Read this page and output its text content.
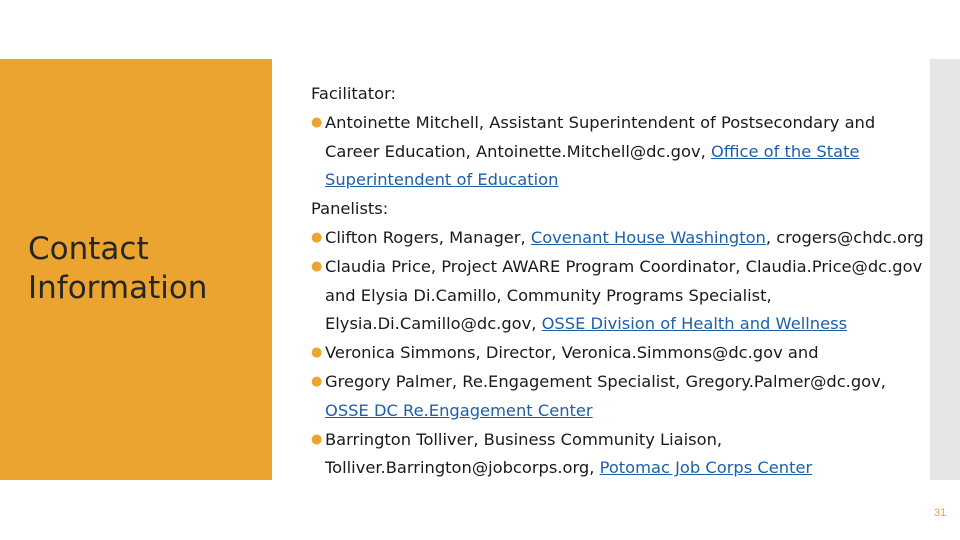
Contact
Information

Facilitator:

● Antoinette Mitchell, Assistant Superintendent of Postsecondary and
Career Education, Antoinette.Mitchell@dc.gov, Office of the State
Superintendent of Education

Panelists:

● Clifton Rogers, Manager, Covenant House Washington, crogers@chdc.org
● Claudia Price, Project AWARE Program Coordinator, Claudia.Price@dc.gov
and Elysia Di.Camillo, Community Programs Specialist,
Elysia.Di.Camillo@dc.gov, OSSE Division of Health and Wellness
● Veronica Simmons, Director, Veronica.Simmons@dc.gov and
● Gregory Palmer, Re.Engagement Specialist, Gregory.Palmer@dc.gov,
OSSE DC Re.Engagement Center
● Barrington Tolliver, Business Community Liaison,
Tolliver.Barrington@jobcorps.org, Potomac Job Corps Center
31
